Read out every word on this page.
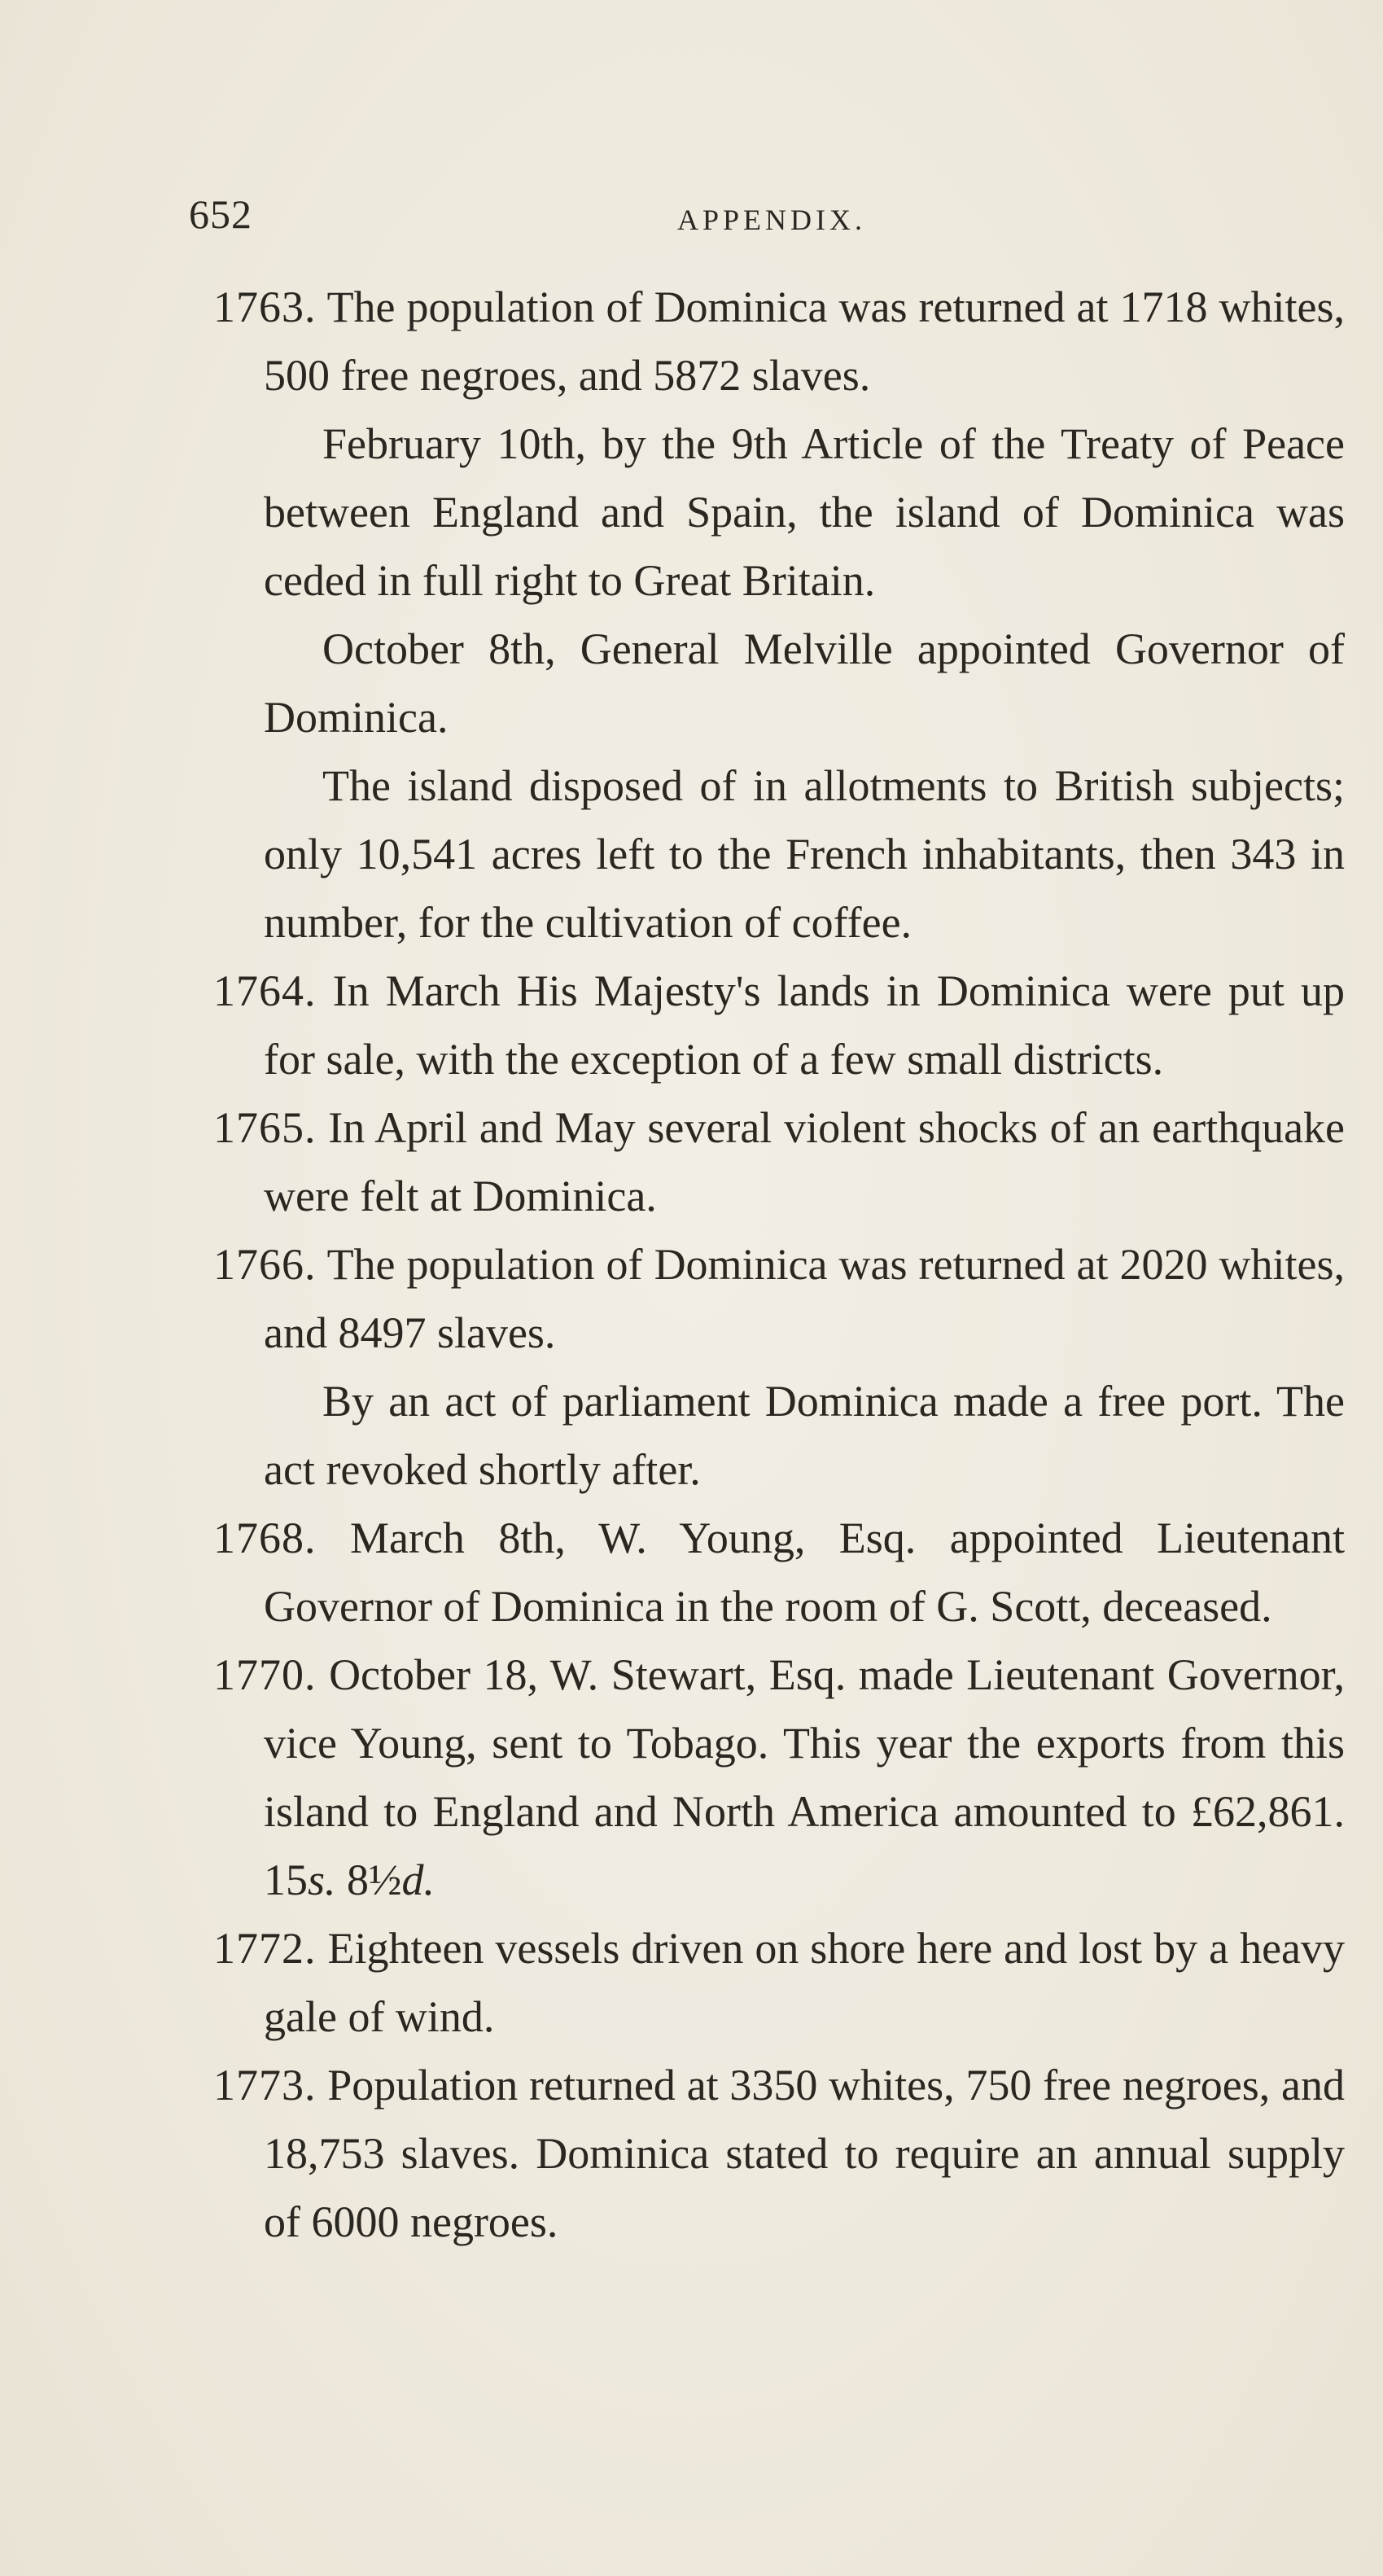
652	APPENDIX.

1763. The population of Dominica was returned at 1718 whites, 500 free negroes, and 5872 slaves.

February 10th, by the 9th Article of the Treaty of Peace between England and Spain, the island of Dominica was ceded in full right to Great Britain.

October 8th, General Melville appointed Governor of Dominica.

The island disposed of in allotments to British subjects; only 10,541 acres left to the French inhabitants, then 343 in number, for the cultivation of coffee.

1764. In March His Majesty's lands in Dominica were put up for sale, with the exception of a few small districts.

1765. In April and May several violent shocks of an earthquake were felt at Dominica.

1766. The population of Dominica was returned at 2020 whites, and 8497 slaves.

By an act of parliament Dominica made a free port. The act revoked shortly after.

1768. March 8th, W. Young, Esq. appointed Lieutenant Governor of Dominica in the room of G. Scott, deceased.

1770. October 18, W. Stewart, Esq. made Lieutenant Governor, vice Young, sent to Tobago. This year the exports from this island to England and North America amounted to £62,861. 15s. 8½d.

1772. Eighteen vessels driven on shore here and lost by a heavy gale of wind.

1773. Population returned at 3350 whites, 750 free negroes, and 18,753 slaves. Dominica stated to require an annual supply of 6000 negroes.
